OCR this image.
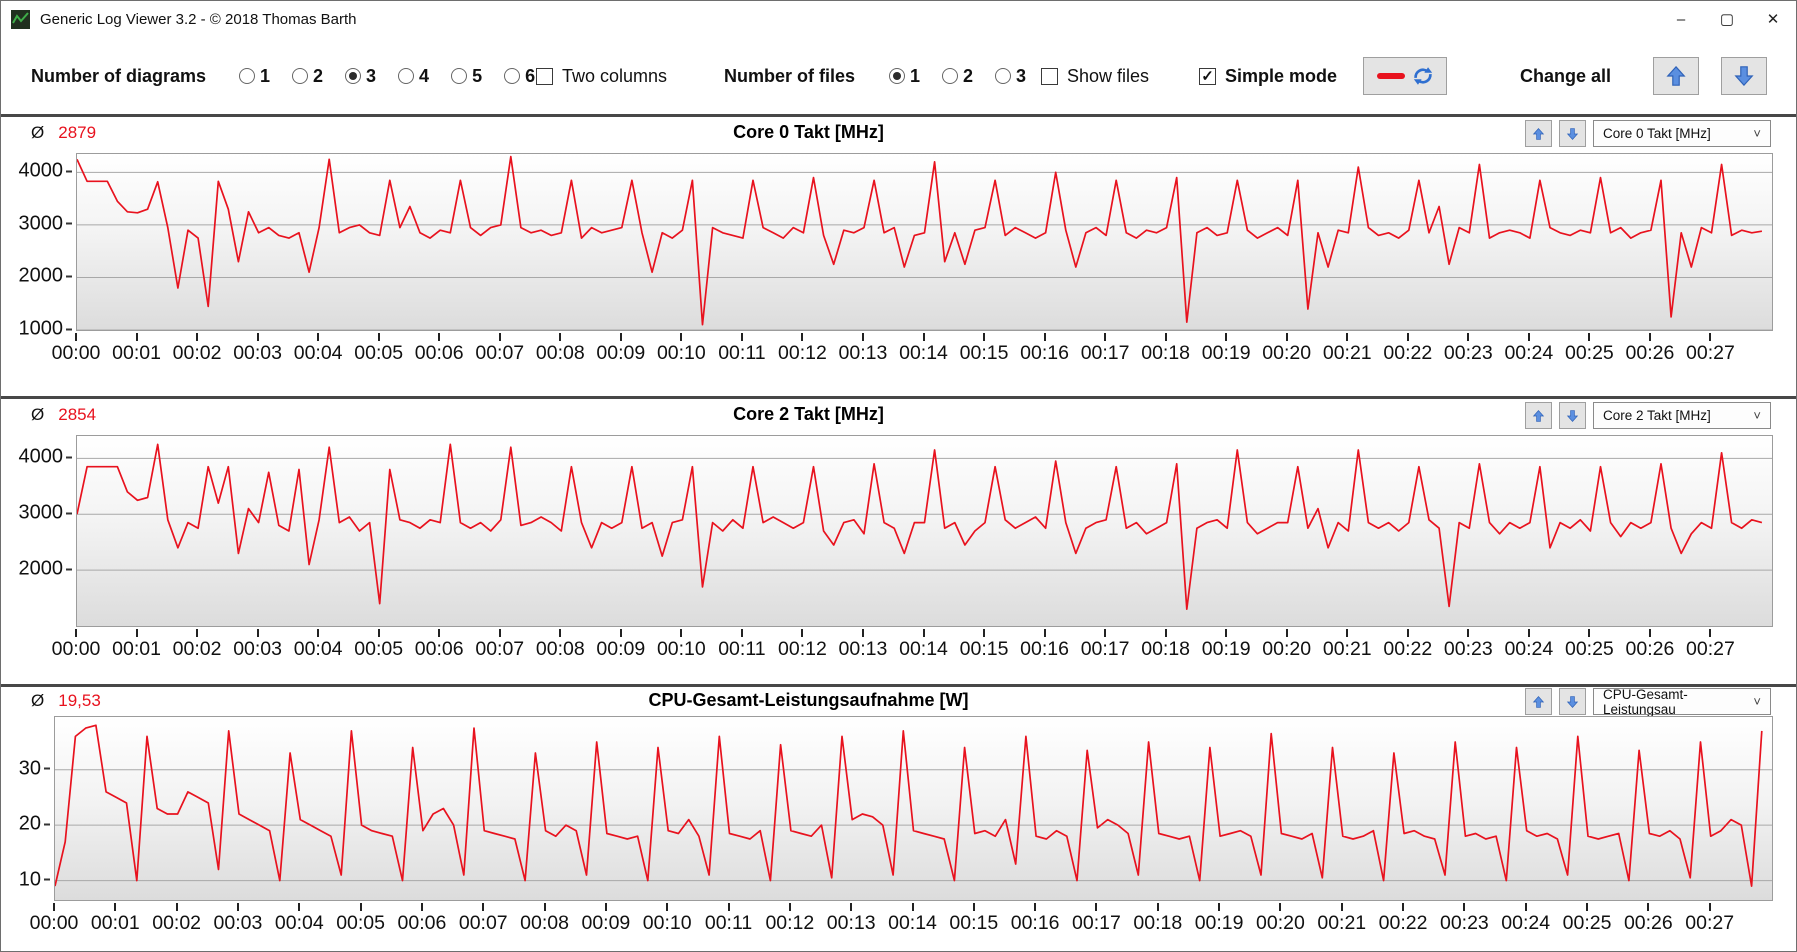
Generic Log Viewer 3.2 - © 2018 Thomas Barth	–	▢	✕
Number of diagrams	1 2 3 4 5 6 Two columns	Number of files	1 2 3 Show files	✓ Simple mode	Change all
Ø 2879	Core 0 Takt [MHz]	Core 0 Takt [MHz]	˅
1000
2000
3000
4000
00:00 00:01 00:02 00:03 00:04 00:05 00:06 00:07 00:08 00:09 00:10 00:11 00:12 00:13 00:14 00:15 00:16 00:17 00:18 00:19 00:20 00:21 00:22 00:23 00:24 00:25 00:26 00:27
Ø 2854	Core 2 Takt [MHz]	Core 2 Takt [MHz]	˅
2000
3000
4000
00:00 00:01 00:02 00:03 00:04 00:05 00:06 00:07 00:08 00:09 00:10 00:11 00:12 00:13 00:14 00:15 00:16 00:17 00:18 00:19 00:20 00:21 00:22 00:23 00:24 00:25 00:26 00:27
Ø 19,53	CPU-Gesamt-Leistungsaufnahme [W]	CPU-Gesamt-Leistungsau	˅
10
20
30
00:00 00:01 00:02 00:03 00:04 00:05 00:06 00:07 00:08 00:09 00:10 00:11 00:12 00:13 00:14 00:15 00:16 00:17 00:18 00:19 00:20 00:21 00:22 00:23 00:24 00:25 00:26 00:27
